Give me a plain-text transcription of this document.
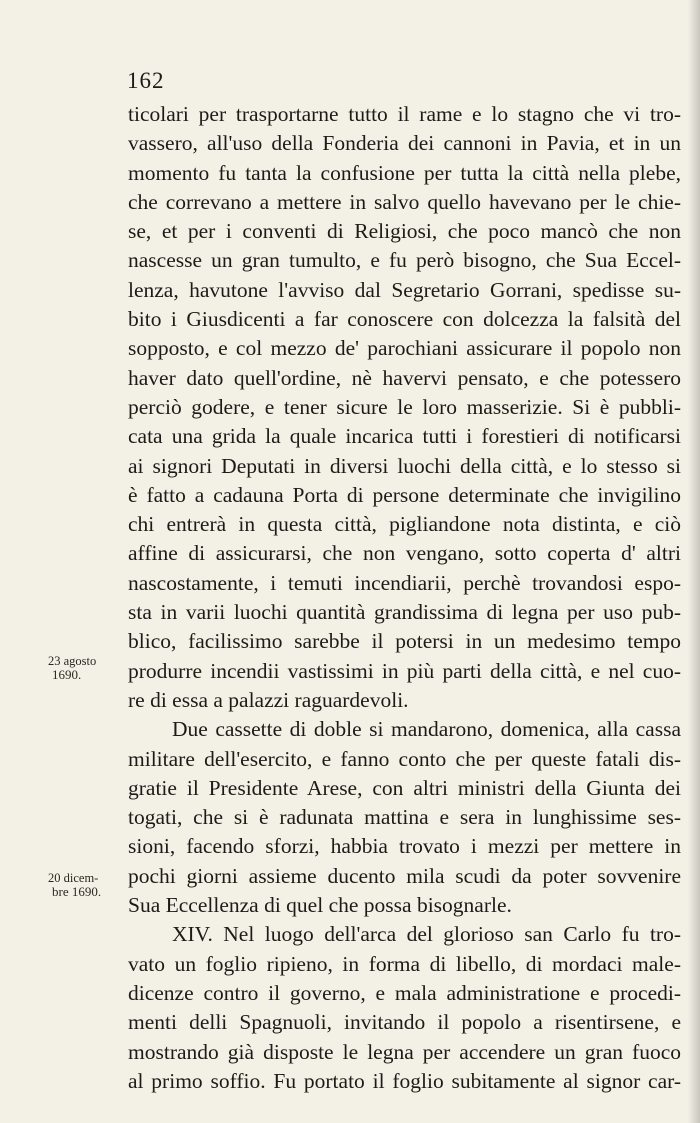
162
23 agosto
1690.
20 dicem-
bre 1690.
ticolari per trasportarne tutto il rame e lo stagno che vi tro-
vassero, all'uso della Fonderia dei cannoni in Pavia, et in un
momento fu tanta la confusione per tutta la città nella plebe,
che correvano a mettere in salvo quello havevano per le chie-
se, et per i conventi di Religiosi, che poco mancò che non
nascesse un gran tumulto, e fu però bisogno, che Sua Eccel-
lenza, havutone l'avviso dal Segretario Gorrani, spedisse su-
bito i Giusdicenti a far conoscere con dolcezza la falsità del
sopposto, e col mezzo de' parochiani assicurare il popolo non
haver dato quell'ordine, nè havervi pensato, e che potessero
perciò godere, e tener sicure le loro masserizie. Si è pubbli-
cata una grida la quale incarica tutti i forestieri di notificarsi
ai signori Deputati in diversi luochi della città, e lo stesso si
è fatto a cadauna Porta di persone determinate che invigilino
chi entrerà in questa città, pigliandone nota distinta, e ciò
affine di assicurarsi, che non vengano, sotto coperta d' altri
nascostamente, i temuti incendiarii, perchè trovandosi espo-
sta in varii luochi quantità grandissima di legna per uso pub-
blico, facilissimo sarebbe il potersi in un medesimo tempo
produrre incendii vastissimi in più parti della città, e nel cuo-
re di essa a palazzi raguardevoli.
Due cassette di doble si mandarono, domenica, alla cassa
militare dell'esercito, e fanno conto che per queste fatali dis-
gratie il Presidente Arese, con altri ministri della Giunta dei
togati, che si è radunata mattina e sera in lunghissime ses-
sioni, facendo sforzi, habbia trovato i mezzi per mettere in
pochi giorni assieme ducento mila scudi da poter sovvenire
Sua Eccellenza di quel che possa bisognarle.
XIV. Nel luogo dell'arca del glorioso san Carlo fu tro-
vato un foglio ripieno, in forma di libello, di mordaci male-
dicenze contro il governo, e mala administratione e procedi-
menti delli Spagnuoli, invitando il popolo a risentirsene, e
mostrando già disposte le legna per accendere un gran fuoco
al primo soffio. Fu portato il foglio subitamente al signor car-
